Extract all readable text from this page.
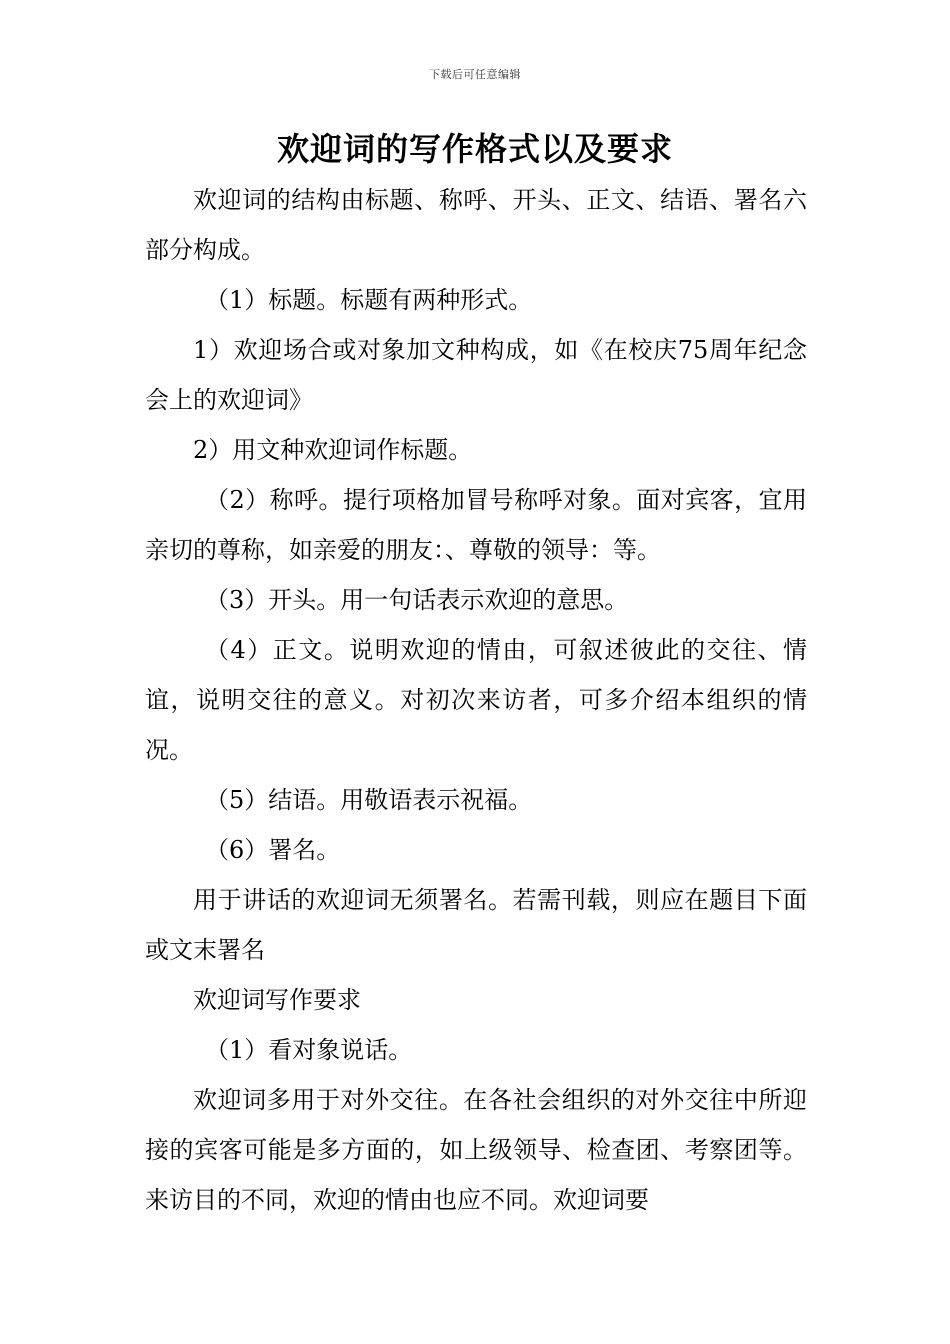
下载后可任意编辑
欢迎词的写作格式以及要求

欢迎词的结构由标题、称呼、开头、正文、结语、署名六部分构成。

（1）标题。标题有两种形式。

1）欢迎场合或对象加文种构成，如《在校庆75周年纪念会上的欢迎词》

2）用文种欢迎词作标题。

（2）称呼。提行项格加冒号称呼对象。面对宾客，宜用亲切的尊称，如亲爱的朋友：、尊敬的领导：等。

（3）开头。用一句话表示欢迎的意思。

（4）正文。说明欢迎的情由，可叙述彼此的交往、情谊，说明交往的意义。对初次来访者，可多介绍本组织的情况。

（5）结语。用敬语表示祝福。

（6）署名。

用于讲话的欢迎词无须署名。若需刊载，则应在题目下面或文末署名

欢迎词写作要求

（1）看对象说话。

欢迎词多用于对外交往。在各社会组织的对外交往中所迎接的宾客可能是多方面的，如上级领导、检查团、考察团等。来访目的不同，欢迎的情由也应不同。欢迎词要
